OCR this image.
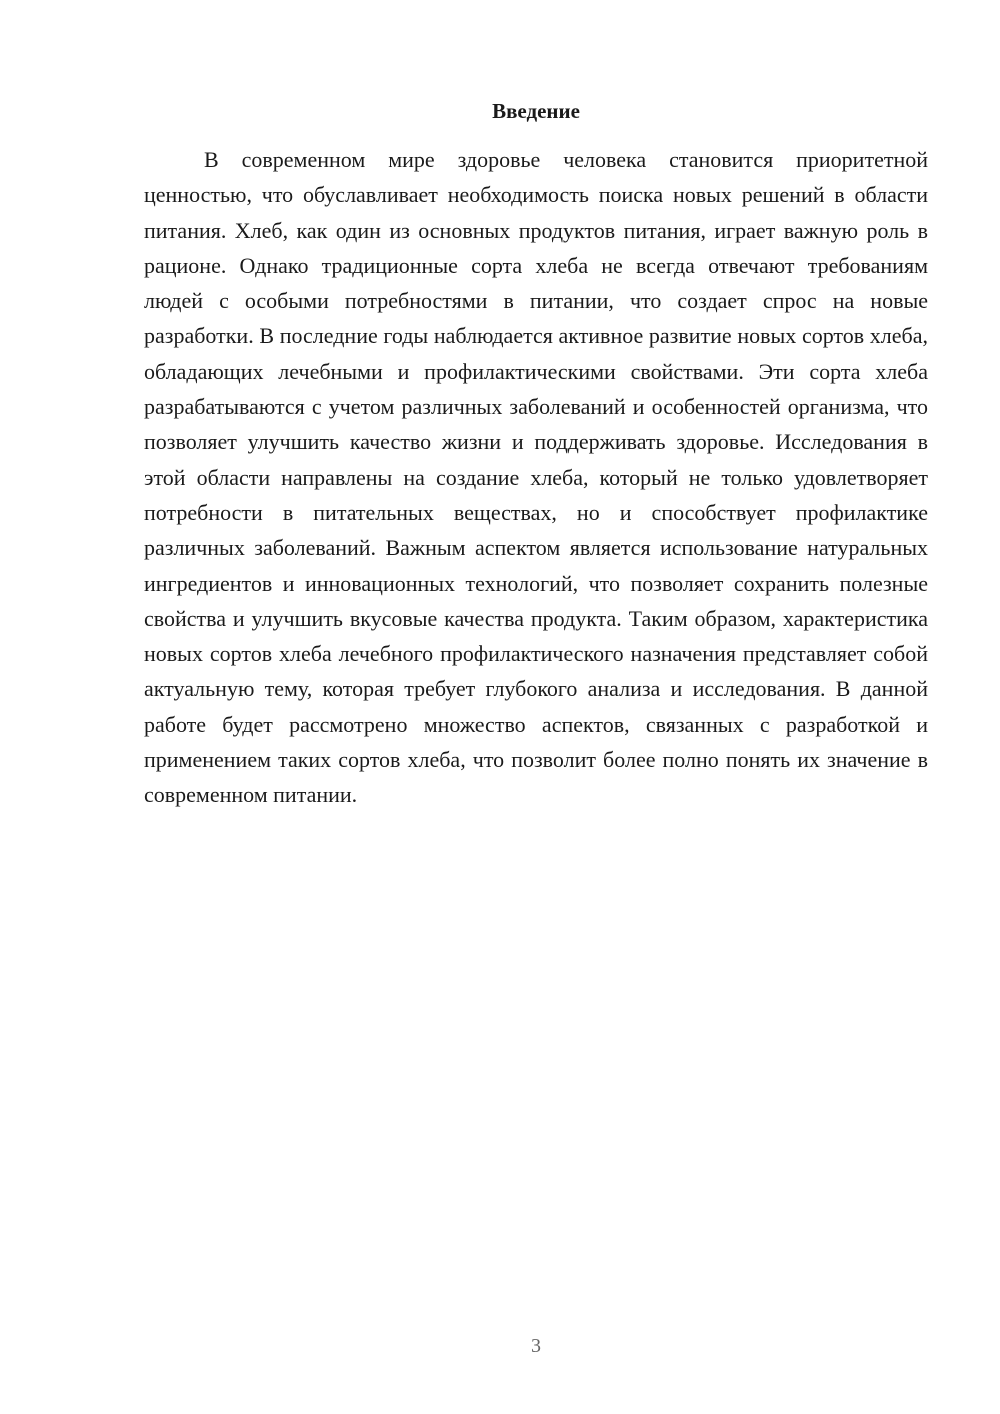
Введение

В современном мире здоровье человека становится приоритетной ценностью, что обуславливает необходимость поиска новых решений в области питания. Хлеб, как один из основных продуктов питания, играет важную роль в рационе. Однако традиционные сорта хлеба не всегда отвечают требованиям людей с особыми потребностями в питании, что создает спрос на новые разработки. В последние годы наблюдается активное развитие новых сортов хлеба, обладающих лечебными и профилактическими свойствами. Эти сорта хлеба разрабатываются с учетом различных заболеваний и особенностей организма, что позволяет улучшить качество жизни и поддерживать здоровье. Исследования в этой области направлены на создание хлеба, который не только удовлетворяет потребности в питательных веществах, но и способствует профилактике различных заболеваний. Важным аспектом является использование натуральных ингредиентов и инновационных технологий, что позволяет сохранить полезные свойства и улучшить вкусовые качества продукта. Таким образом, характеристика новых сортов хлеба лечебного профилактического назначения представляет собой актуальную тему, которая требует глубокого анализа и исследования. В данной работе будет рассмотрено множество аспектов, связанных с разработкой и применением таких сортов хлеба, что позволит более полно понять их значение в современном питании.

3
